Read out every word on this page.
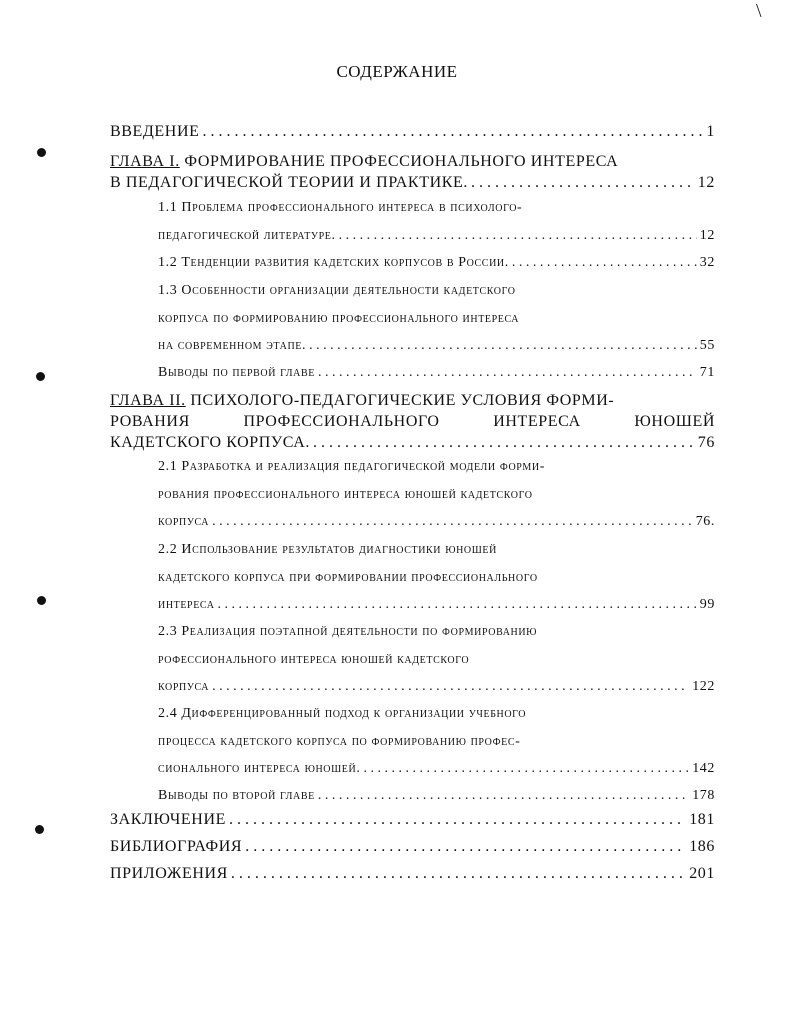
СОДЕРЖАНИЕ
ВВЕДЕНИЕ . . .	1
ГЛАВА I.
ФОРМИРОВАНИЕ ПРОФЕССИОНАЛЬНОГО ИНТЕРЕСА
В ПЕДАГОГИЧЕСКОЙ ТЕОРИИ И ПРАКТИКЕ. . . .	12
1.1 Проблема профессионального интереса в психолого-
педагогической литературе. . . .	12
1.2 Тенденции развития кадетских корпусов в России. . . .	32
1.3 Особенности организации деятельности кадетского
корпуса по формированию профессионального интереса
на современном этапе. . . .	55
Выводы по первой главе . . .	71
ГЛАВА II.
ПСИХОЛОГО-ПЕДАГОГИЧЕСКИЕ УСЛОВИЯ ФОРМИ-
РОВАНИЯ ПРОФЕССИОНАЛЬНОГО ИНТЕРЕСА ЮНОШЕЙ
КАДЕТСКОГО КОРПУСА. . . .	76
2.1 Разработка и реализация педагогической модели форми-
рования профессионального интереса юношей кадетского
корпуса . . .	76.
2.2 Использование результатов диагностики юношей
кадетского корпуса при формировании профессионального
интереса . . .	99
2.3 Реализация поэтапной деятельности по формированию
рофессионального интереса юношей кадетского
корпуса . . .	122
2.4 Дифференцированный подход к организации учебного
процесса кадетского корпуса по формированию профес-
сионального интереса юношей. . . .	142
Выводы по второй главе . . .	178
ЗАКЛЮЧЕНИЕ . . .	181
БИБЛИОГРАФИЯ . . .	186
ПРИЛОЖЕНИЯ . . .	201
\
